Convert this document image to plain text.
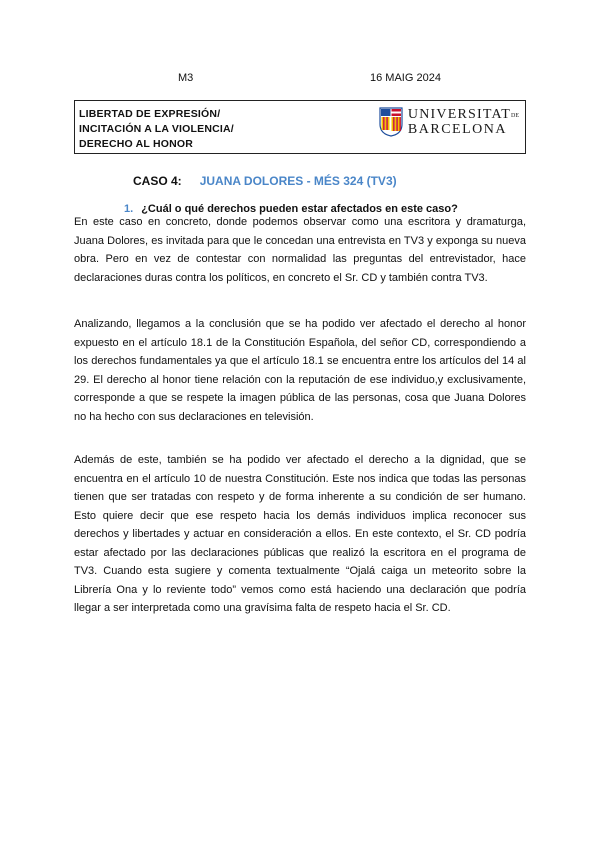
M3	16 MAIG 2024
LIBERTAD DE EXPRESIÓN/
INCITACIÓN A LA VIOLENCIA/
DERECHO AL HONOR
UNIVERSITATDE
BARCELONA
CASO 4: JUANA DOLORES - MÉS 324 (TV3)
1. ¿Cuál o qué derechos pueden estar afectados en este caso?

En este caso en concreto, donde podemos observar como una escritora y dramaturga, Juana Dolores, es invitada para que le concedan una entrevista en TV3 y exponga su nueva obra. Pero en vez de contestar con normalidad las preguntas del entrevistador, hace declaraciones duras contra los políticos, en concreto el Sr. CD y también contra TV3.

Analizando, llegamos a la conclusión que se ha podido ver afectado el derecho al honor expuesto en el artículo 18.1 de la Constitución Española, del señor CD, correspondiendo a los derechos fundamentales ya que el artículo 18.1 se encuentra entre los artículos del 14 al 29. El derecho al honor tiene relación con la reputación de ese individuo,y exclusivamente, corresponde a que se respete la imagen pública de las personas, cosa que Juana Dolores no ha hecho con sus declaraciones en televisión.

Además de este, también se ha podido ver afectado el derecho a la dignidad, que se encuentra en el artículo 10 de nuestra Constitución. Este nos indica que todas las personas tienen que ser tratadas con respeto y de forma inherente a su condición de ser humano. Esto quiere decir que ese respeto hacia los demás individuos implica reconocer sus derechos y libertades y actuar en consideración a ellos. En este contexto, el Sr. CD podría estar afectado por las declaraciones públicas que realizó la escritora en el programa de TV3. Cuando esta sugiere y comenta textualmente “Ojalá caiga un meteorito sobre la Librería Ona y lo reviente todo” vemos como está haciendo una declaración que podría llegar a ser interpretada como una gravísima falta de respeto hacia el Sr. CD.
